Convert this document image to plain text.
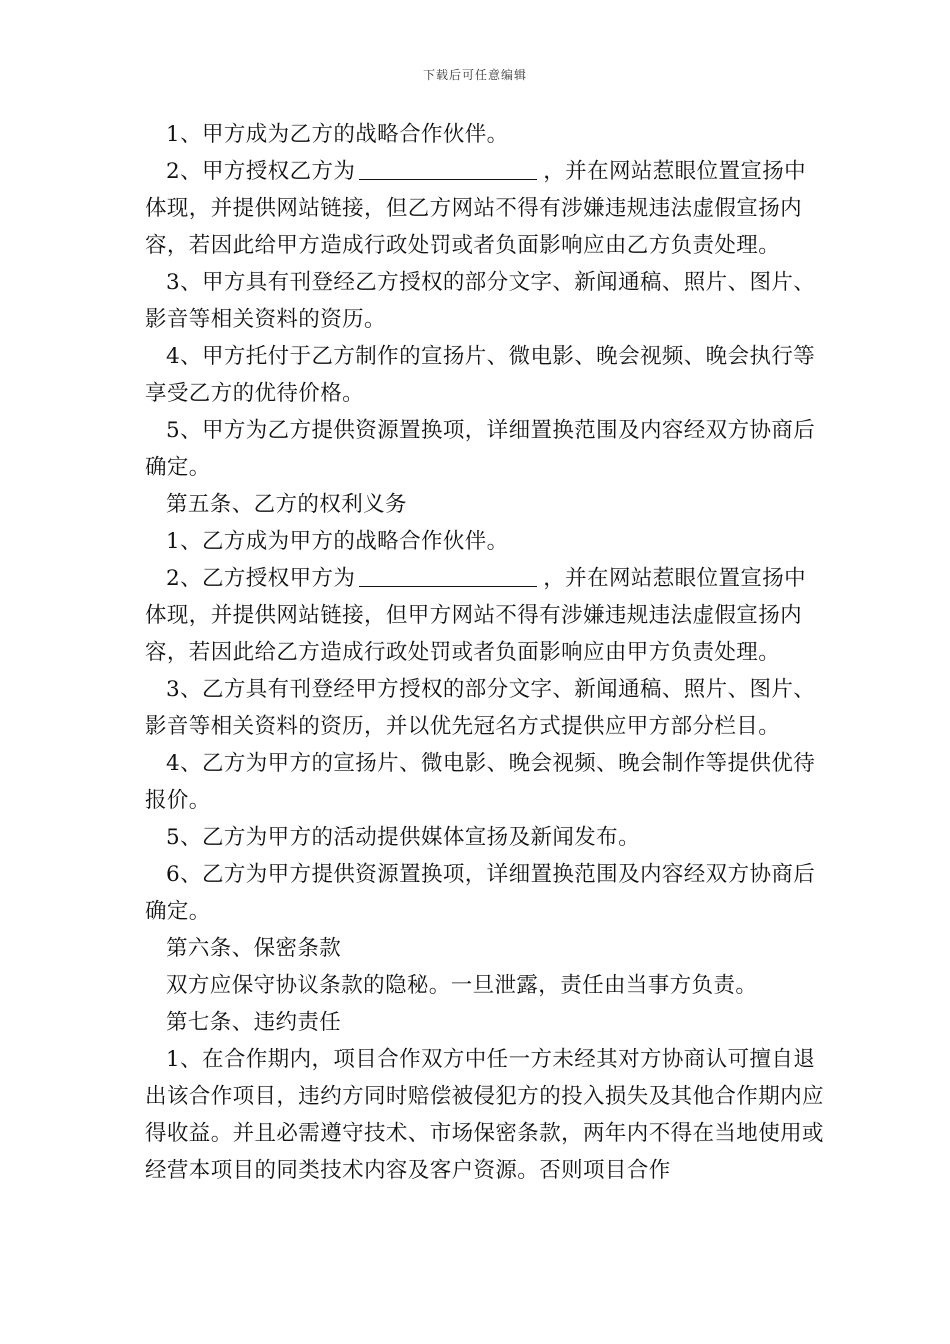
下载后可任意编辑

1、甲方成为乙方的战略合作伙伴。

2、甲方授权乙方为	，并在网站惹眼位置宣扬中体现，并提供网站链接，但乙方网站不得有涉嫌违规违法虚假宣扬内容，若因此给甲方造成行政处罚或者负面影响应由乙方负责处理。

3、甲方具有刊登经乙方授权的部分文字、新闻通稿、照片、图片、影音等相关资料的资历。

4、甲方托付于乙方制作的宣扬片、微电影、晚会视频、晚会执行等享受乙方的优待价格。

5、甲方为乙方提供资源置换项，详细置换范围及内容经双方协商后确定。

第五条、乙方的权利义务

1、乙方成为甲方的战略合作伙伴。

2、乙方授权甲方为	，并在网站惹眼位置宣扬中体现，并提供网站链接，但甲方网站不得有涉嫌违规违法虚假宣扬内容，若因此给乙方造成行政处罚或者负面影响应由甲方负责处理。

3、乙方具有刊登经甲方授权的部分文字、新闻通稿、照片、图片、影音等相关资料的资历，并以优先冠名方式提供应甲方部分栏目。

4、乙方为甲方的宣扬片、微电影、晚会视频、晚会制作等提供优待报价。

5、乙方为甲方的活动提供媒体宣扬及新闻发布。

6、乙方为甲方提供资源置换项，详细置换范围及内容经双方协商后确定。

第六条、保密条款

双方应保守协议条款的隐秘。一旦泄露，责任由当事方负责。

第七条、违约责任

1、在合作期内，项目合作双方中任一方未经其对方协商认可擅自退出该合作项目，违约方同时赔偿被侵犯方的投入损失及其他合作期内应得收益。并且必需遵守技术、市场保密条款，两年内不得在当地使用或经营本项目的同类技术内容及客户资源。否则项目合作
